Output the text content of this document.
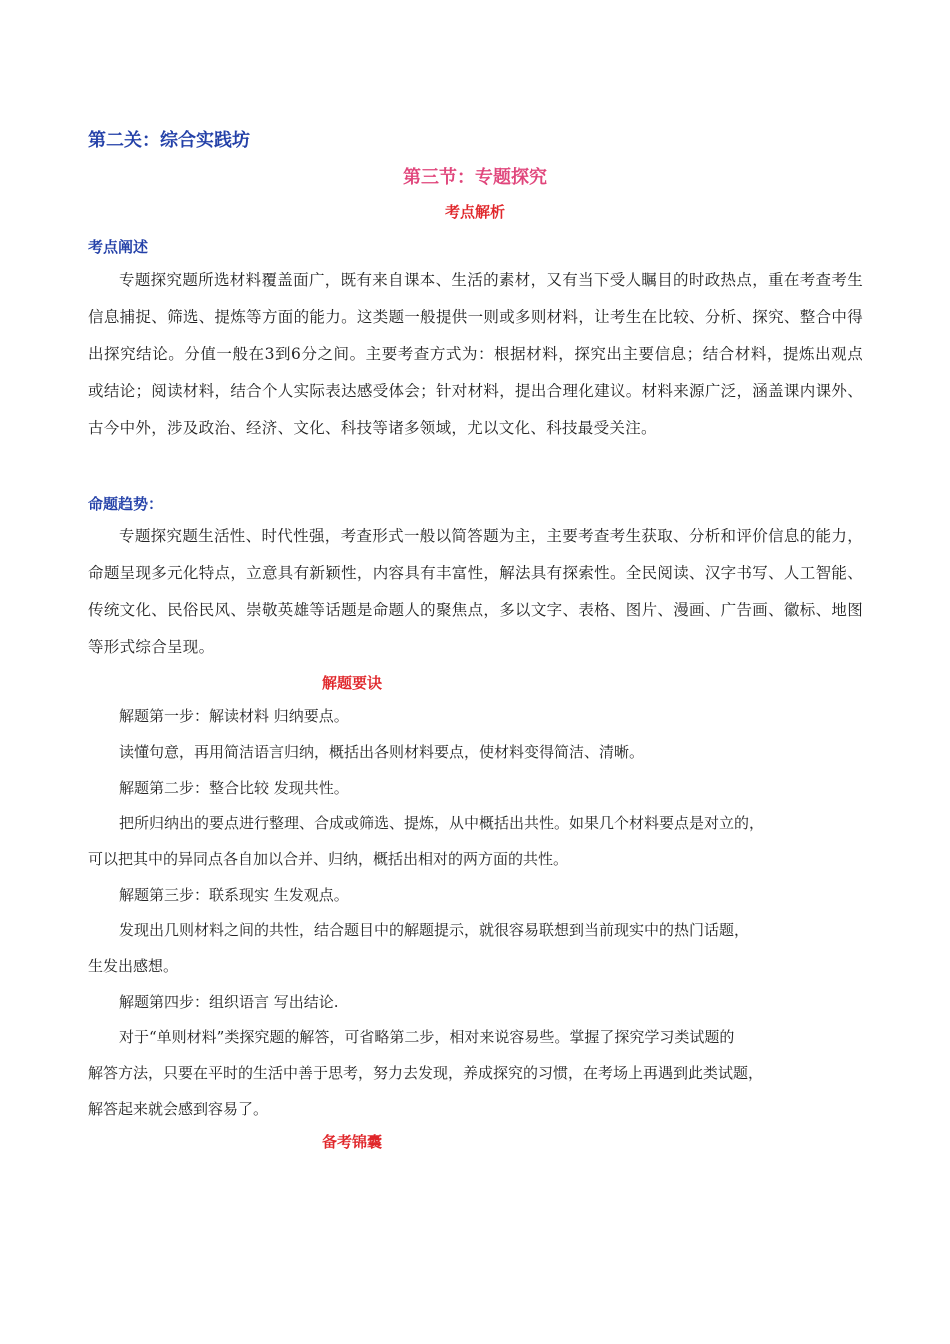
第二关：综合实践坊
第三节：专题探究
考点解析
考点阐述
专题探究题所选材料覆盖面广，既有来自课本、生活的素材，又有当下受人瞩目的时政热点，重在考查考生信息捕捉、筛选、提炼等方面的能力。这类题一般提供一则或多则材料，让考生在比较、分析、探究、整合中得出探究结论。分值一般在3到6分之间。主要考查方式为：根据材料，探究出主要信息；结合材料，提炼出观点或结论；阅读材料，结合个人实际表达感受体会；针对材料，提出合理化建议。材料来源广泛，涵盖课内课外、古今中外，涉及政治、经济、文化、科技等诸多领域，尤以文化、科技最受关注。
命题趋势：
专题探究题生活性、时代性强，考查形式一般以简答题为主，主要考查考生获取、分析和评价信息的能力，命题呈现多元化特点，立意具有新颖性，内容具有丰富性，解法具有探索性。全民阅读、汉字书写、人工智能、传统文化、民俗民风、崇敬英雄等话题是命题人的聚焦点，多以文字、表格、图片、漫画、广告画、徽标、地图等形式综合呈现。
解题要诀
解题第一步：解读材料 归纳要点。
读懂句意，再用简洁语言归纳，概括出各则材料要点，使材料变得简洁、清晰。
解题第二步：整合比较 发现共性。
把所归纳出的要点进行整理、合成或筛选、提炼，从中概括出共性。如果几个材料要点是对立的，
可以把其中的异同点各自加以合并、归纳，概括出相对的两方面的共性。
解题第三步：联系现实 生发观点。
发现出几则材料之间的共性，结合题目中的解题提示，就很容易联想到当前现实中的热门话题，
生发出感想。
解题第四步：组织语言 写出结论.
对于“单则材料”类探究题的解答，可省略第二步，相对来说容易些。掌握了探究学习类试题的
解答方法，只要在平时的生活中善于思考，努力去发现，养成探究的习惯，在考场上再遇到此类试题，
解答起来就会感到容易了。
备考锦囊
